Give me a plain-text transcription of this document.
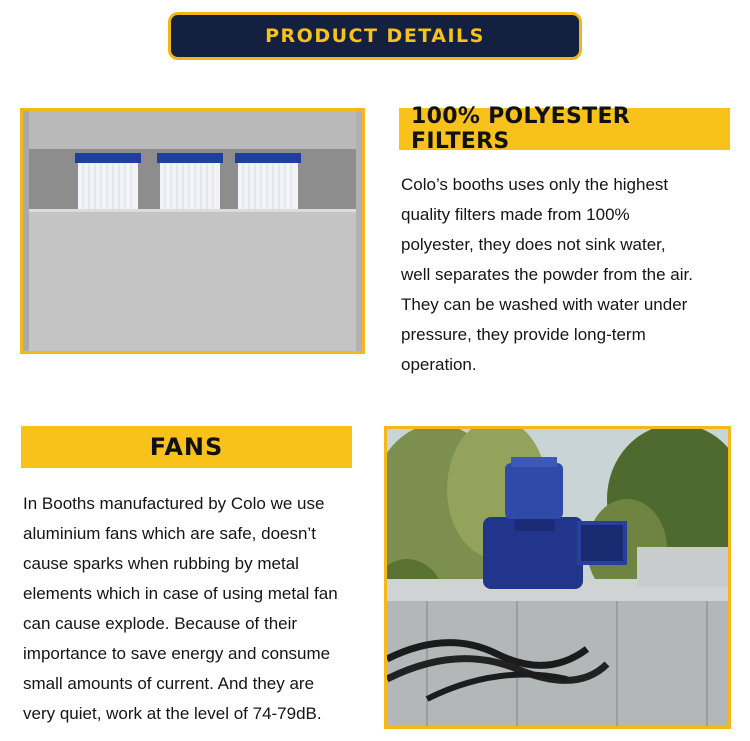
PRODUCT DETAILS
100% POLYESTER FILTERS
Colo’s booths uses only the highest
quality filters made from 100%
polyester, they does not sink water,
well separates the powder from the air.
They can be washed with water under
pressure, they provide long-term
operation.
FANS
In Booths manufactured by Colo we use
aluminium fans which are safe, doesn’t
cause sparks when rubbing by metal
elements which in case of using metal fan
can cause explode. Because of their
importance to save energy and consume
small amounts of current. And they are
very quiet, work at the level of 74-79dB.
